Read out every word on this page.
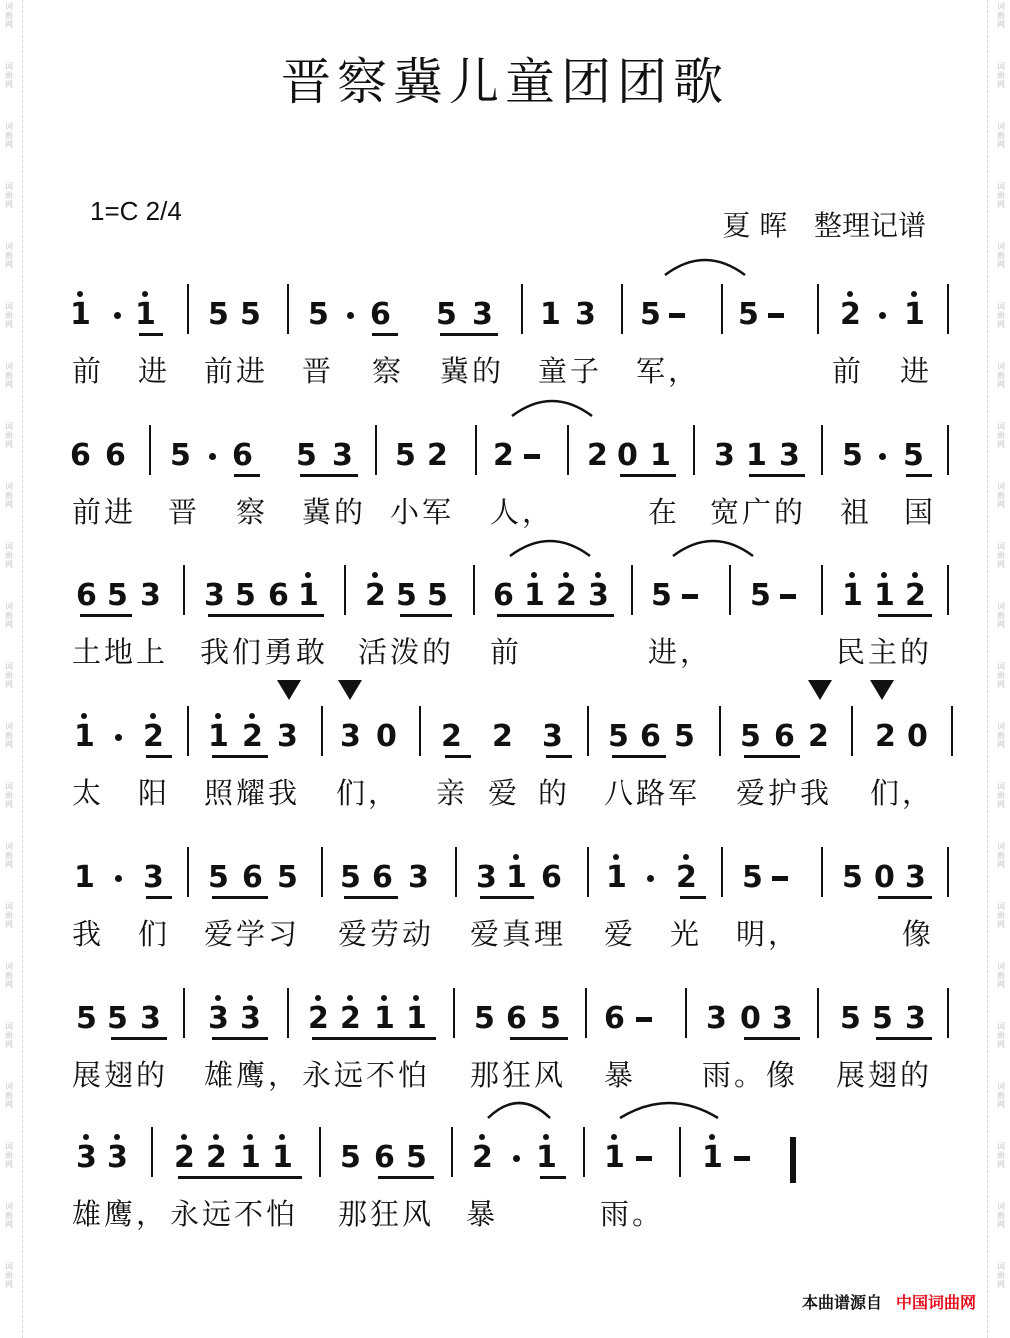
晋察冀儿童团团歌
1=C 2/4	夏 晖   整理记谱
1 1 5 5 5 6 5 3 1 3 5	5	2 1
前 进 前进 晋 察 冀的 童子 军，	前 进
6 6 5 6 5 3 5 2 2 2 0 1 3 1 3 5 5
前进 晋 察 冀的 小军 人，	在 宽广的 祖 国
6 5 3 3 5 6 1 2 5 5 6 1 2 3 5	5 1 1 2
土地上 我们勇敢 活泼的 前	进，	民主的
1 2 1 2 3 3 0 2 2 3 5 6 5 5 6 2 2 0
太 阳 照耀我 们， 亲 爱 的 八路军 爱护我 们，
1 3 5 6 5 5 6 3 3 1 6 1 2 5	5 0 3
我 们 爱学习 爱劳动 爱真理 爱 光 明，	像
5 5 3 3 3 2 2 1 1 5 6 5 6	3 0 3 5 5 3
展翅的 雄鹰， 永远不怕 那狂风 暴 雨。像 展翅的
3 3 2 2 1 1 5 6 5 2 1 1	1
雄鹰， 永远不怕 那狂风 暴	雨。
本曲谱源自 中国词曲网
词
曲
网
词
曲
网
词
曲
网
词
曲
网
词
曲
网
词
曲
网
词
曲
网
词
曲
网
词
曲
网
词
曲
网
词
曲
网
词
曲
网
词
曲
网
词
曲
网
词
曲
网
词
曲
网
词
曲
网
词
曲
网
词
曲
网
词
曲
网
词
曲
网
词
曲
网
词
曲
网
词
曲
网
词
曲
网
词
曲
网
词
曲
网
词
曲
网
词
曲
网
词
曲
网
词
曲
网
词
曲
网
词
曲
网
词
曲
网
词
曲
网
词
曲
网
词
曲
网
词
曲
网
词
曲
网
词
曲
网
词
曲
网
词
曲
网
词
曲
网
词
曲
网
